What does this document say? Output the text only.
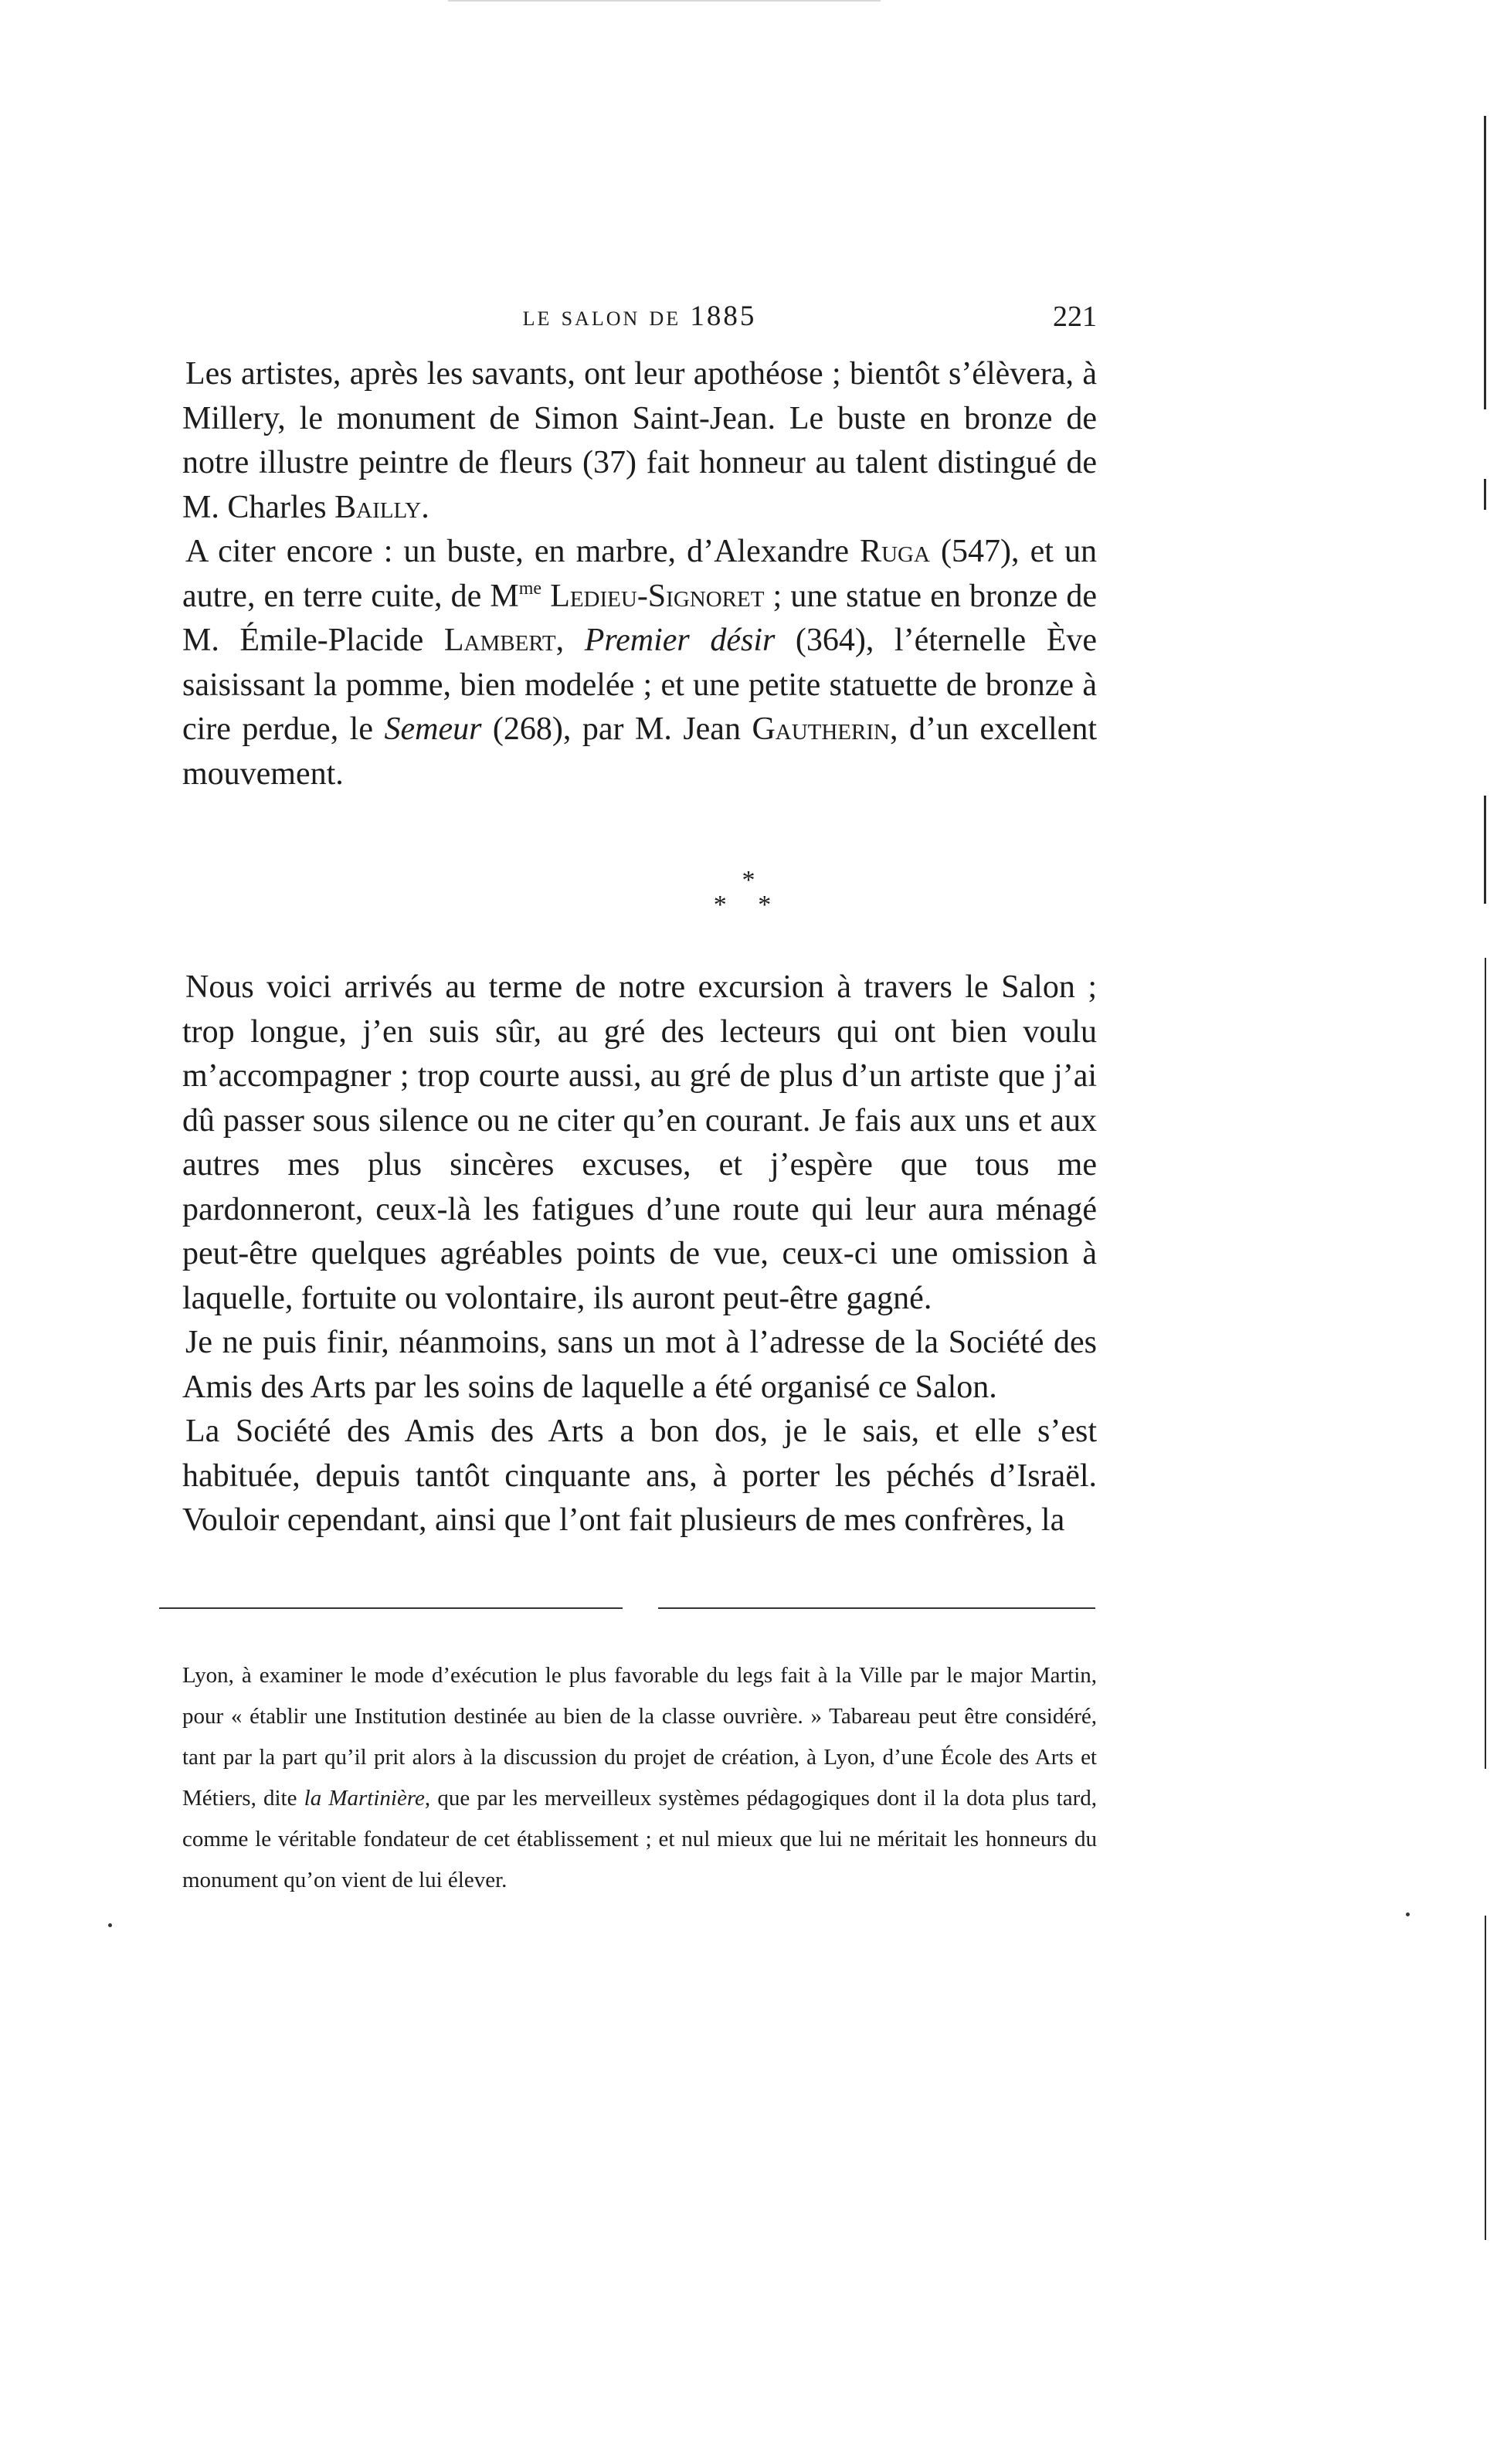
le salon de 1885	221

Les artistes, après les savants, ont leur apothéose ; bientôt s’élèvera, à Millery, le monument de Simon Saint-Jean. Le buste en bronze de notre illustre peintre de fleurs (37) fait honneur au talent distingué de M. Charles Bailly.

A citer encore : un buste, en marbre, d’Alexandre Ruga (547), et un autre, en terre cuite, de $M^{me}$ Lediеu-Signoret ; une statue en bronze de M. Émile-Placide Lambert, Premier désir (364), l’éternelle Ève saisissant la pomme, bien modelée ; et une petite statuette de bronze à cire perdue, le Semeur (268), par M. Jean Gautherin, d’un excellent mouvement.

*
* *

Nous voici arrivés au terme de notre excursion à travers le Salon ; trop longue, j’en suis sûr, au gré des lecteurs qui ont bien voulu m’accompagner ; trop courte aussi, au gré de plus d’un artiste que j’ai dû passer sous silence ou ne citer qu’en courant. Je fais aux uns et aux autres mes plus sincères excuses, et j’espère que tous me pardonneront, ceux-là les fatigues d’une route qui leur aura ménagé peut-être quelques agréables points de vue, ceux-ci une omission à laquelle, fortuite ou volontaire, ils auront peut-être gagné.

Je ne puis finir, néanmoins, sans un mot à l’adresse de la Société des Amis des Arts par les soins de laquelle a été organisé ce Salon.

La Société des Amis des Arts a bon dos, je le sais, et elle s’est habituée, depuis tantôt cinquante ans, à porter les péchés d’Israël. Vouloir cependant, ainsi que l’ont fait plusieurs de mes confrères, la

Lyon, à examiner le mode d’exécution le plus favorable du legs fait à la Ville par le major Martin, pour « établir une Institution destinée au bien de la classe ouvrière. » Tabareau peut être considéré, tant par la part qu’il prit alors à la discussion du projet de création, à Lyon, d’une École des Arts et Métiers, dite la Martinière, que par les merveilleux systèmes pédagogiques dont il la dota plus tard, comme le véritable fondateur de cet établissement ; et nul mieux que lui ne méritait les honneurs du monument qu’on vient de lui élever.
